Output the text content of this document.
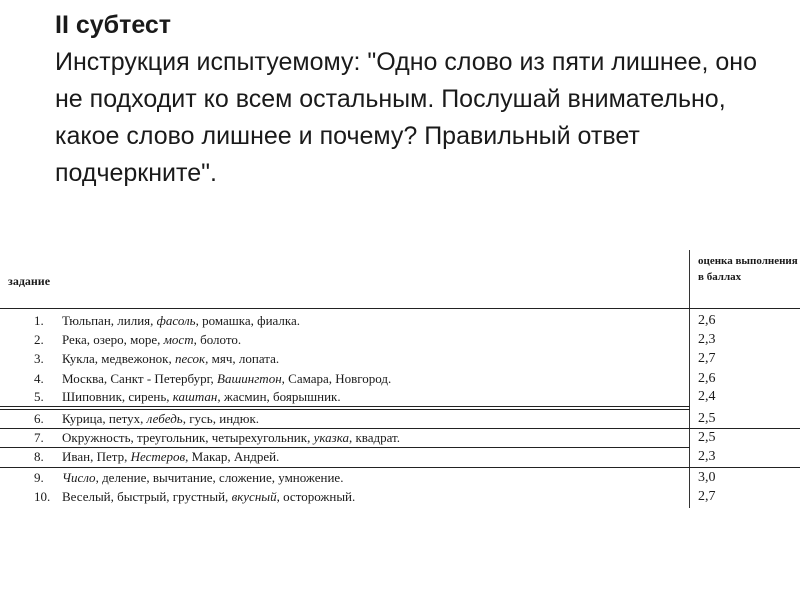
II субтест
Инструкция испытуемому: "Одно слово из пяти лишнее, оно не подходит ко всем остальным. Послушай внимательно, какое слово лишнее и почему? Правильный ответ подчеркните".
задание
оценка выполнения в баллах
1.	Тюльпан, лилия, фасоль, ромашка, фиалка.	2,6
2.	Река, озеро, море, мост, болото.	2,3
3.	Кукла, медвежонок, песок, мяч, лопата.	2,7
4.	Москва, Санкт - Петербург, Вашингтон, Самара, Новгород.	2,6
5.	Шиповник, сирень, каштан, жасмин, боярышник.	2,4
6.	Курица, петух, лебедь, гусь, индюк.	2,5
7.	Окружность, треугольник, четырехугольник, указка, квадрат.	2,5
8.	Иван, Петр, Нестеров, Макар, Андрей.	2,3
9.	Число, деление, вычитание, сложение, умножение.	3,0
10. Веселый, быстрый, грустный, вкусный, осторожный.	2,7
